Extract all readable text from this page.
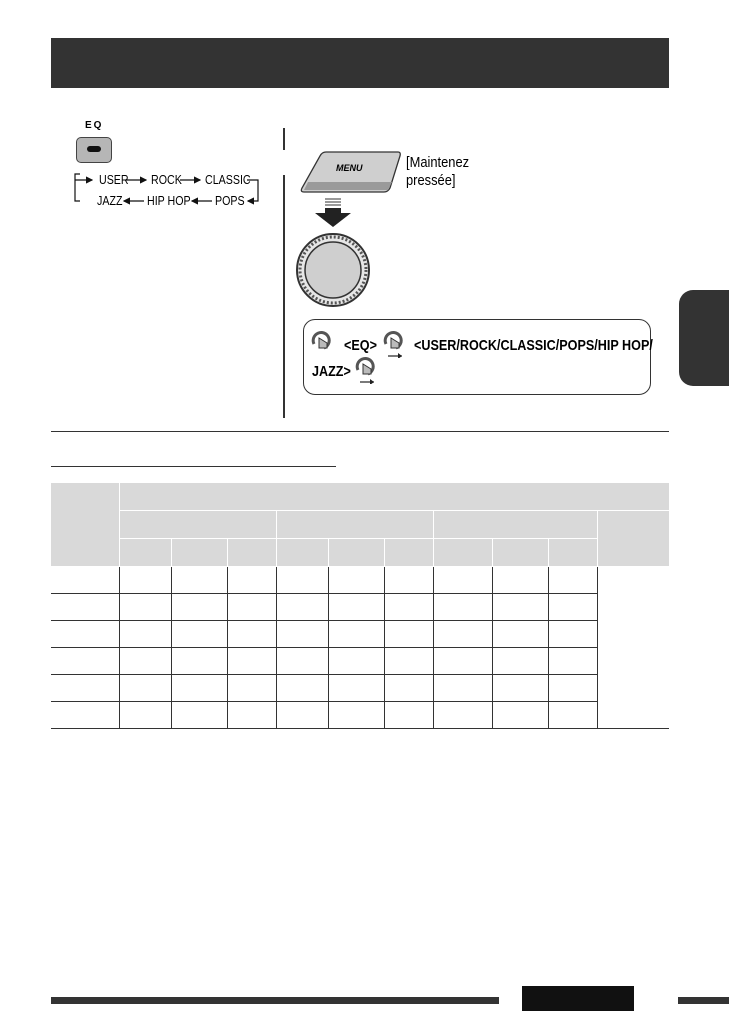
EQ
USER ROCK CLASSIC
JAZZ HIP HOP POPS
MENU	[Maintenez
pressée]
<EQ> <USER/ROCK/CLASSIC/POPS/HIP HOP/
JAZZ>
